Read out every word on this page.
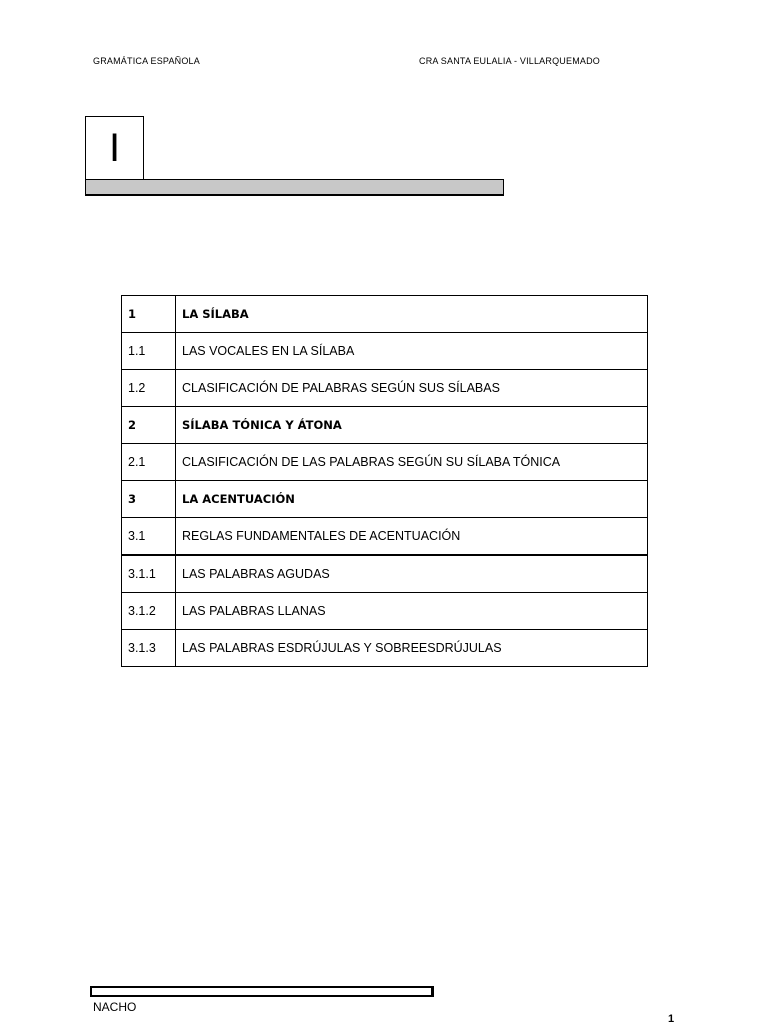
GRAMÁTICA ESPAÑOLA	CRA SANTA EULALIA - VILLARQUEMADO
I
1	LA SÍLABA
1.1	LAS VOCALES EN LA SÍLABA
1.2	CLASIFICACIÓN DE PALABRAS SEGÚN SUS SÍLABAS
2	SÍLABA TÓNICA Y ÁTONA
2.1	CLASIFICACIÓN DE LAS PALABRAS SEGÚN SU SÍLABA TÓNICA
3	LA ACENTUACIÓN
3.1	REGLAS FUNDAMENTALES DE ACENTUACIÓN
3.1.1	LAS PALABRAS AGUDAS
3.1.2	LAS PALABRAS LLANAS
3.1.3	LAS PALABRAS ESDRÚJULAS Y SOBREESDRÚJULAS
NACHO
1
